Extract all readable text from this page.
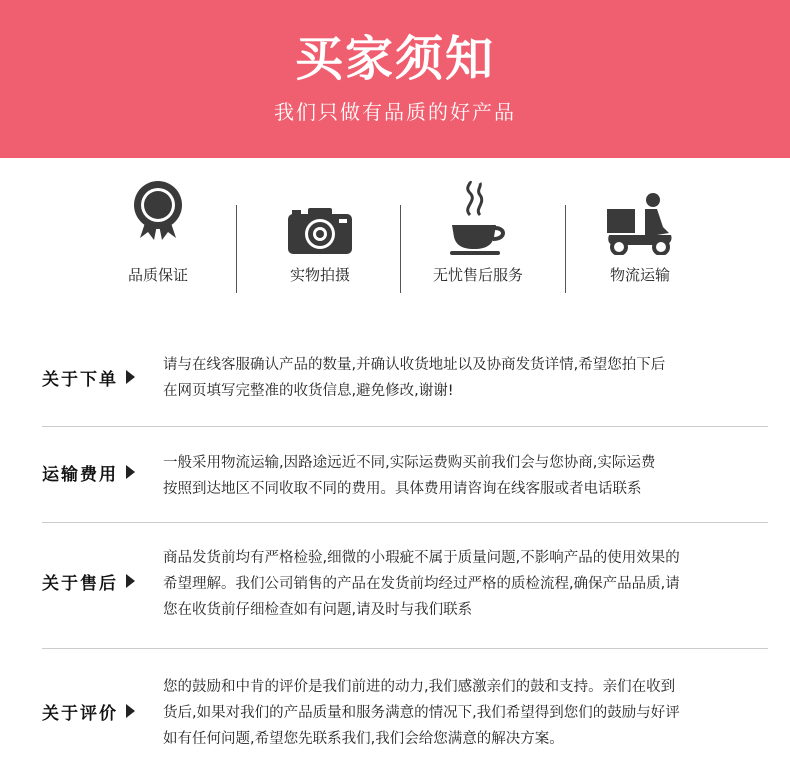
买家须知
我们只做有品质的好产品
品质保证	实物拍摄	无忧售后服务	物流运输
关于下单
请与在线客服确认产品的数量,并确认收货地址以及协商发货详情,希望您拍下后
在网页填写完整准的收货信息,避免修改,谢谢!
运输费用
一般采用物流运输,因路途远近不同,实际运费购买前我们会与您协商,实际运费
按照到达地区不同收取不同的费用。具体费用请咨询在线客服或者电话联系
关于售后
商品发货前均有严格检验,细微的小瑕疵不属于质量问题,不影响产品的使用效果的
希望理解。我们公司销售的产品在发货前均经过严格的质检流程,确保产品品质,请
您在收货前仔细检查如有问题,请及时与我们联系
关于评价
您的鼓励和中肯的评价是我们前进的动力,我们感激亲们的鼓和支持。亲们在收到
货后,如果对我们的产品质量和服务满意的情况下,我们希望得到您们的鼓励与好评
如有任何问题,希望您先联系我们,我们会给您满意的解决方案。
